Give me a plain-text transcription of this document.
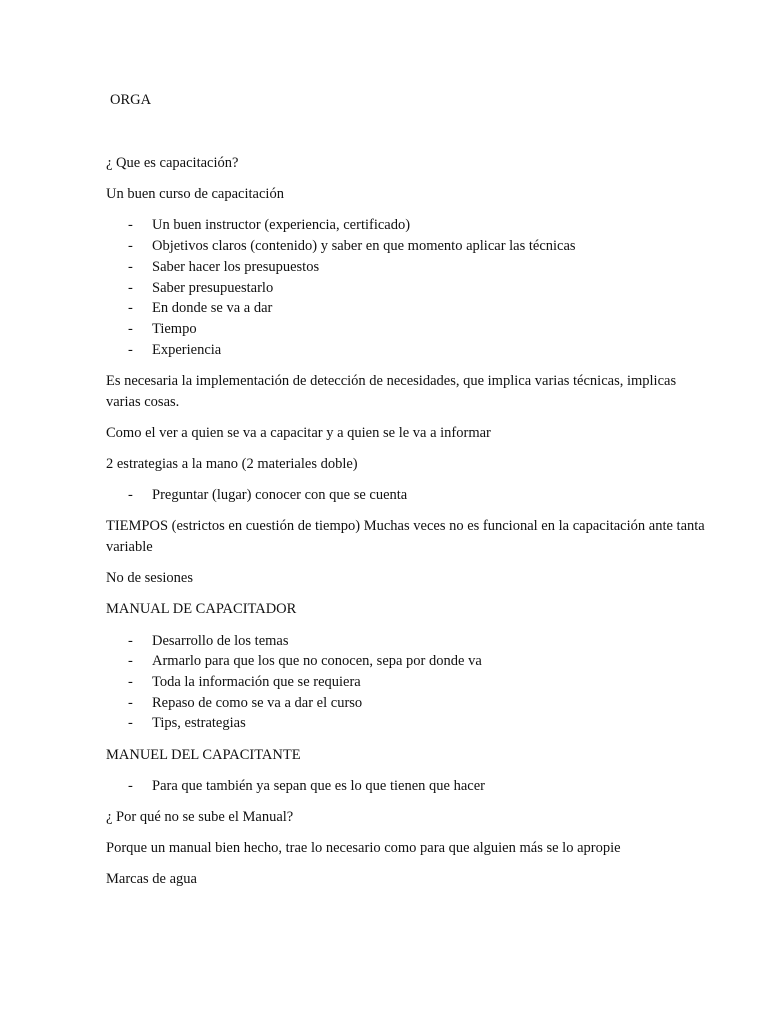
ORGA

¿ Que es capacitación?

Un buen curso de capacitación

- Un buen instructor (experiencia, certificado)
- Objetivos claros (contenido) y saber en que momento aplicar las técnicas
- Saber hacer los presupuestos
- Saber presupuestarlo
- En donde se va a dar
- Tiempo
- Experiencia

Es necesaria la implementación de detección de necesidades, que implica varias técnicas, implicas varias cosas.

Como el ver a quien se va a capacitar y a quien se le va a informar

2 estrategias a la mano (2 materiales doble)

- Preguntar (lugar) conocer con que se cuenta

TIEMPOS (estrictos en cuestión de tiempo) Muchas veces no es funcional en la capacitación ante tanta variable

No de sesiones

MANUAL DE CAPACITADOR

- Desarrollo de los temas
- Armarlo para que los que no conocen, sepa por donde va
- Toda la información que se requiera
- Repaso de como se va a dar el curso
- Tips, estrategias

MANUEL DEL CAPACITANTE

- Para que también ya sepan que es lo que tienen que hacer

¿ Por qué no se sube el Manual?

Porque un manual bien hecho, trae lo necesario como para que alguien más se lo apropie

Marcas de agua
